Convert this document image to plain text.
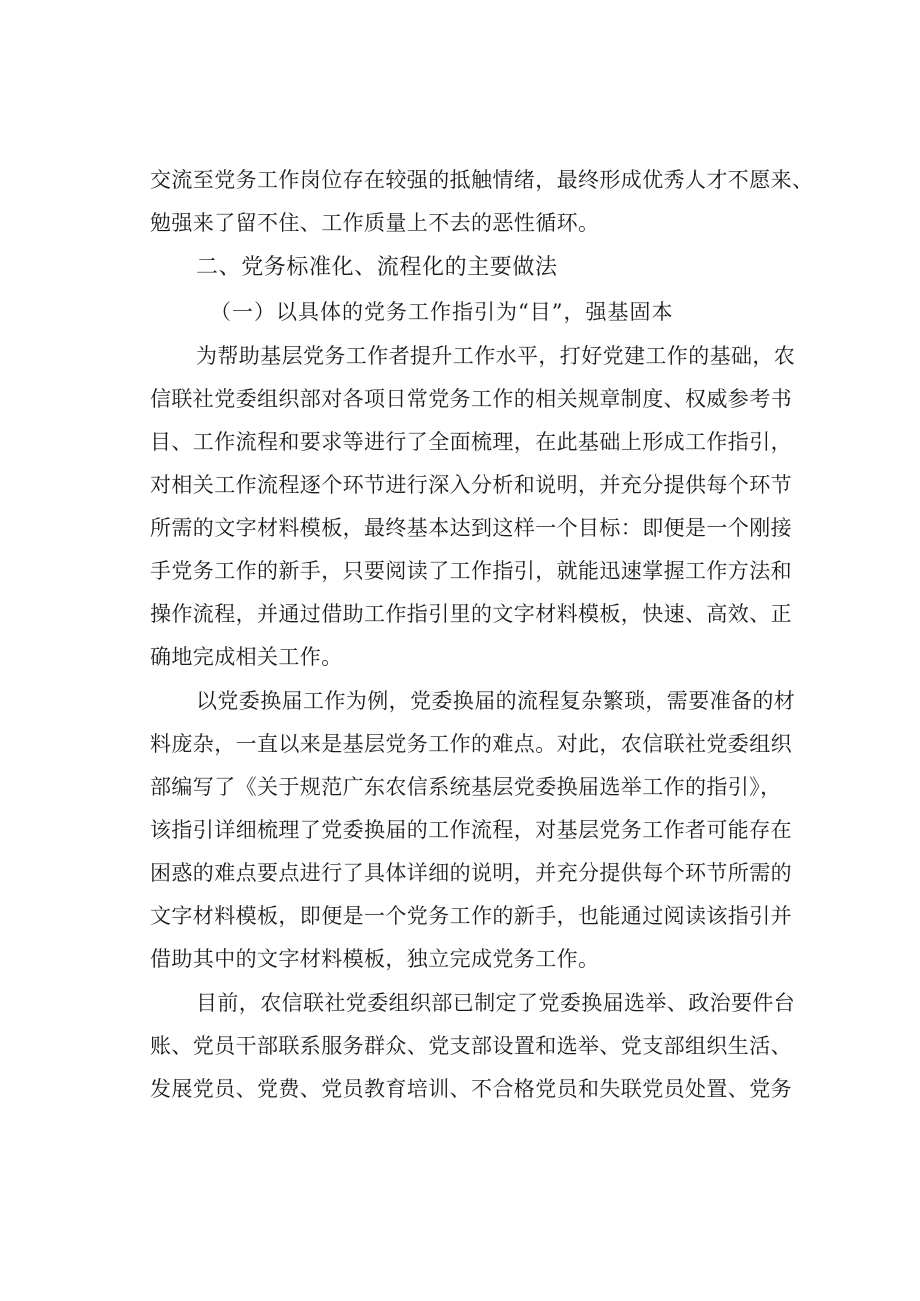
交流至党务工作岗位存在较强的抵触情绪，最终形成优秀人才不愿来、
勉强来了留不住、工作质量上不去的恶性循环。
二、党务标准化、流程化的主要做法
（一）以具体的党务工作指引为“目”，强基固本
为帮助基层党务工作者提升工作水平，打好党建工作的基础，农
信联社党委组织部对各项日常党务工作的相关规章制度、权威参考书
目、工作流程和要求等进行了全面梳理，在此基础上形成工作指引，
对相关工作流程逐个环节进行深入分析和说明，并充分提供每个环节
所需的文字材料模板，最终基本达到这样一个目标：即便是一个刚接
手党务工作的新手，只要阅读了工作指引，就能迅速掌握工作方法和
操作流程，并通过借助工作指引里的文字材料模板，快速、高效、正
确地完成相关工作。
以党委换届工作为例，党委换届的流程复杂繁琐，需要准备的材
料庞杂，一直以来是基层党务工作的难点。对此，农信联社党委组织
部编写了《关于规范广东农信系统基层党委换届选举工作的指引》，
该指引详细梳理了党委换届的工作流程，对基层党务工作者可能存在
困惑的难点要点进行了具体详细的说明，并充分提供每个环节所需的
文字材料模板，即便是一个党务工作的新手，也能通过阅读该指引并
借助其中的文字材料模板，独立完成党务工作。
目前，农信联社党委组织部已制定了党委换届选举、政治要件台
账、党员干部联系服务群众、党支部设置和选举、党支部组织生活、
发展党员、党费、党员教育培训、不合格党员和失联党员处置、党务
